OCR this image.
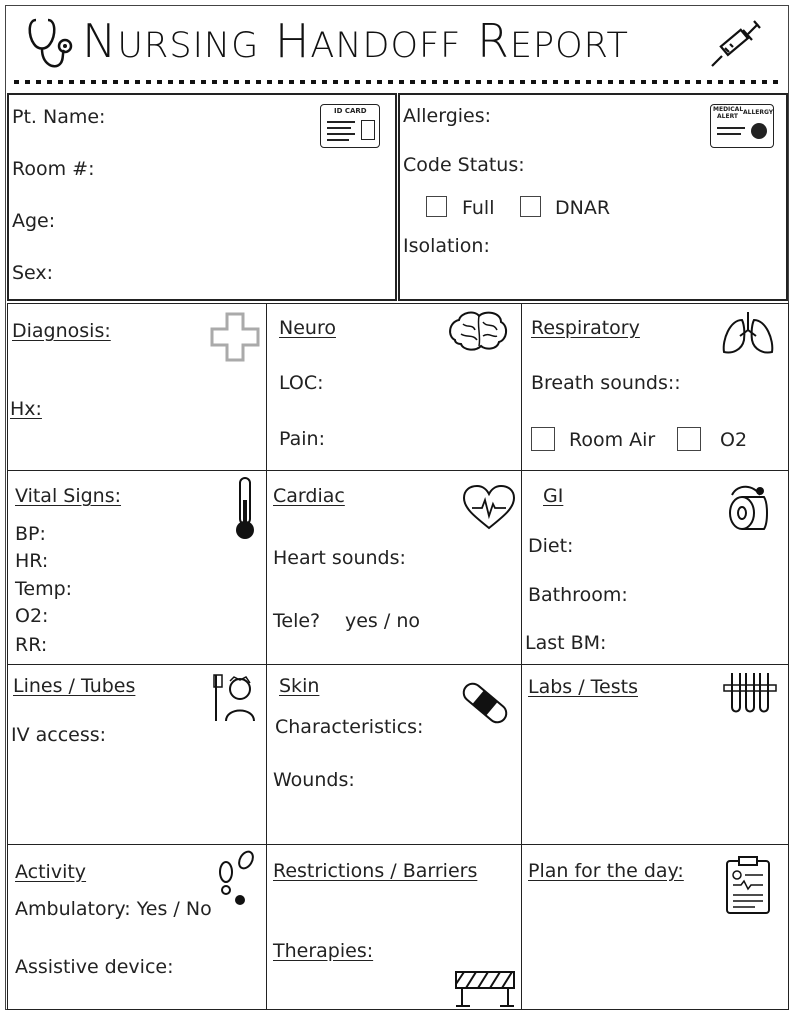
NURSING HANDOFF REPORT
Pt. Name:
Room #:
Age:
Sex:
ID CARD Allergies:
Code Status:
Full	DNAR
Isolation:
MEDICAL
ALERT
ALLERGY
Diagnosis:
Hx:
Neuro
LOC:
Pain:
Respiratory
Breath sounds::
Room Air	O2
Vital Signs:
BP:
HR:
Temp:
O2:
RR:
Cardiac
Heart sounds:
Tele? yes / no
GI
Diet:
Bathroom:
Last BM:
Lines / Tubes
IV access:
Skin
Characteristics:
Wounds:
Labs / Tests
Activity
Ambulatory: Yes / No
Assistive device:
Restrictions / Barriers
Therapies:
Plan for the day:
